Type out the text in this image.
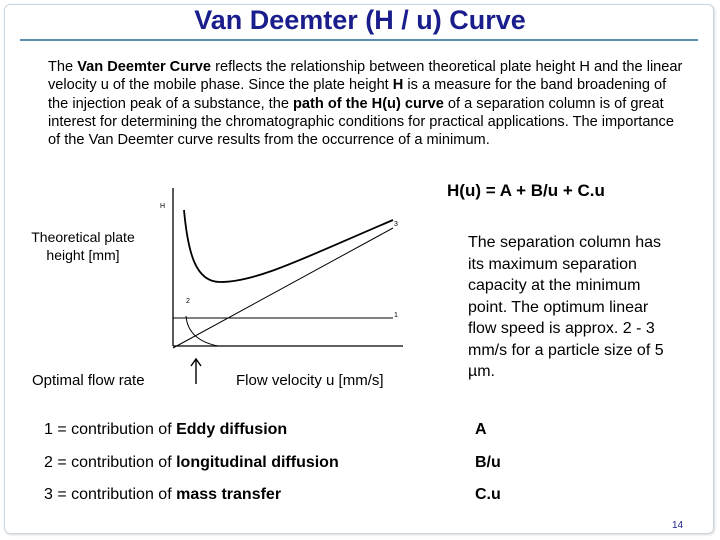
Van Deemter (H / u) Curve
The Van Deemter Curve reflects the relationship between theoretical plate height H and the linear velocity u of the mobile phase. Since the plate height H is a measure for the band broadening of the injection peak of a substance, the path of the H(u) curve of a separation column is of great interest for determining the chromatographic conditions for practical applications. The importance of the Van Deemter curve results from the occurrence of a minimum.
H(u) = A + B/u + C.u
H
1
2
3
Theoretical plate height [mm]
Optimal flow rate	Flow velocity u [mm/s]
The separation column has its maximum separation capacity at the minimum point. The optimum linear flow speed is approx. 2 - 3 mm/s for a particle size of 5 µm.
1 = contribution of Eddy diffusion	A
2 = contribution of longitudinal diffusion	B/u
3 = contribution of mass transfer	C.u
14
